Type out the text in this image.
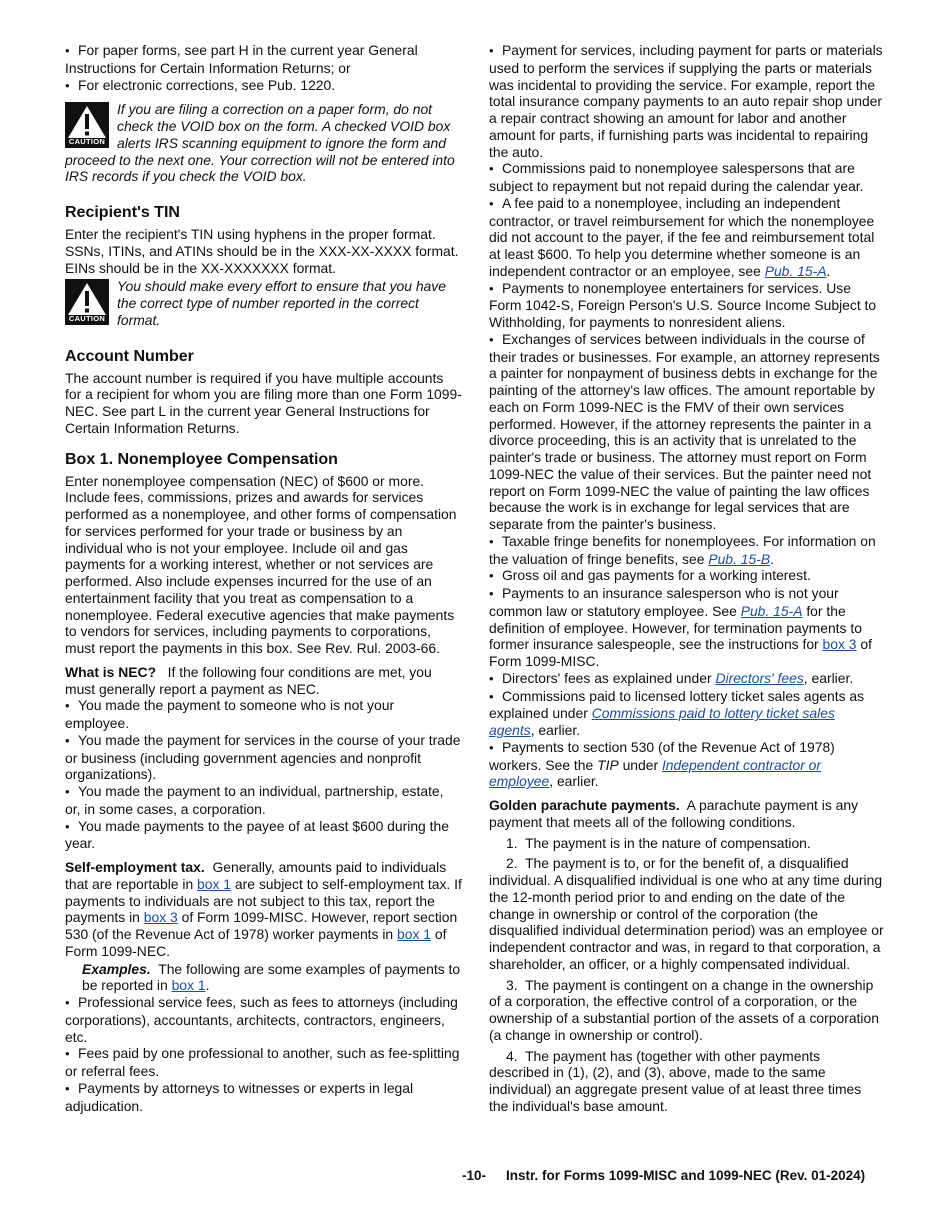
• For paper forms, see part H in the current year General Instructions for Certain Information Returns; or

• For electronic corrections, see Pub. 1220.

CAUTION

If you are filing a correction on a paper form, do not check the VOID box on the form. A checked VOID box alerts IRS scanning equipment to ignore the form and proceed to the next one. Your correction will not be entered into IRS records if you check the VOID box.

Recipient's TIN

Enter the recipient's TIN using hyphens in the proper format. SSNs, ITINs, and ATINs should be in the XXX-XX-XXXX format. EINs should be in the XX-XXXXXXX format.

CAUTION

You should make every effort to ensure that you have the correct type of number reported in the correct format.

Account Number

The account number is required if you have multiple accounts for a recipient for whom you are filing more than one Form 1099-NEC. See part L in the current year General Instructions for Certain Information Returns.

Box 1. Nonemployee Compensation

Enter nonemployee compensation (NEC) of $600 or more. Include fees, commissions, prizes and awards for services performed as a nonemployee, and other forms of compensation for services performed for your trade or business by an individual who is not your employee. Include oil and gas payments for a working interest, whether or not services are performed. Also include expenses incurred for the use of an entertainment facility that you treat as compensation to a nonemployee. Federal executive agencies that make payments to vendors for services, including payments to corporations, must report the payments in this box. See Rev. Rul. 2003-66.

What is NEC? If the following four conditions are met, you must generally report a payment as NEC.

• You made the payment to someone who is not your employee.

• You made the payment for services in the course of your trade or business (including government agencies and nonprofit organizations).

• You made the payment to an individual, partnership, estate, or, in some cases, a corporation.

• You made payments to the payee of at least $600 during the year.

Self-employment tax. Generally, amounts paid to individuals that are reportable in box 1 are subject to self-employment tax. If payments to individuals are not subject to this tax, report the payments in box 3 of Form 1099-MISC. However, report section 530 (of the Revenue Act of 1978) worker payments in box 1 of Form 1099-NEC.

Examples. The following are some examples of payments to be reported in box 1.

• Professional service fees, such as fees to attorneys (including corporations), accountants, architects, contractors, engineers, etc.

• Fees paid by one professional to another, such as fee-splitting or referral fees.

• Payments by attorneys to witnesses or experts in legal adjudication.

• Payment for services, including payment for parts or materials used to perform the services if supplying the parts or materials was incidental to providing the service. For example, report the total insurance company payments to an auto repair shop under a repair contract showing an amount for labor and another amount for parts, if furnishing parts was incidental to repairing the auto.

• Commissions paid to nonemployee salespersons that are subject to repayment but not repaid during the calendar year.

• A fee paid to a nonemployee, including an independent contractor, or travel reimbursement for which the nonemployee did not account to the payer, if the fee and reimbursement total at least $600. To help you determine whether someone is an independent contractor or an employee, see Pub. 15-A.

• Payments to nonemployee entertainers for services. Use Form 1042-S, Foreign Person's U.S. Source Income Subject to Withholding, for payments to nonresident aliens.

• Exchanges of services between individuals in the course of their trades or businesses. For example, an attorney represents a painter for nonpayment of business debts in exchange for the painting of the attorney's law offices. The amount reportable by each on Form 1099-NEC is the FMV of their own services performed. However, if the attorney represents the painter in a divorce proceeding, this is an activity that is unrelated to the painter's trade or business. The attorney must report on Form 1099-NEC the value of their services. But the painter need not report on Form 1099-NEC the value of painting the law offices because the work is in exchange for legal services that are separate from the painter's business.

• Taxable fringe benefits for nonemployees. For information on the valuation of fringe benefits, see Pub. 15-B.

• Gross oil and gas payments for a working interest.

• Payments to an insurance salesperson who is not your common law or statutory employee. See Pub. 15-A for the definition of employee. However, for termination payments to former insurance salespeople, see the instructions for box 3 of Form 1099-MISC.

• Directors' fees as explained under Directors' fees, earlier.

• Commissions paid to licensed lottery ticket sales agents as explained under Commissions paid to lottery ticket sales agents, earlier.

• Payments to section 530 (of the Revenue Act of 1978) workers. See the TIP under Independent contractor or employee, earlier.

Golden parachute payments. A parachute payment is any payment that meets all of the following conditions.

1. The payment is in the nature of compensation.

2. The payment is to, or for the benefit of, a disqualified individual. A disqualified individual is one who at any time during the 12-month period prior to and ending on the date of the change in ownership or control of the corporation (the disqualified individual determination period) was an employee or independent contractor and was, in regard to that corporation, a shareholder, an officer, or a highly compensated individual.

3. The payment is contingent on a change in the ownership of a corporation, the effective control of a corporation, or the ownership of a substantial portion of the assets of a corporation (a change in ownership or control).

4. The payment has (together with other payments described in (1), (2), and (3), above, made to the same individual) an aggregate present value of at least three times the individual's base amount.

-10- Instr. for Forms 1099-MISC and 1099-NEC (Rev. 01-2024)
